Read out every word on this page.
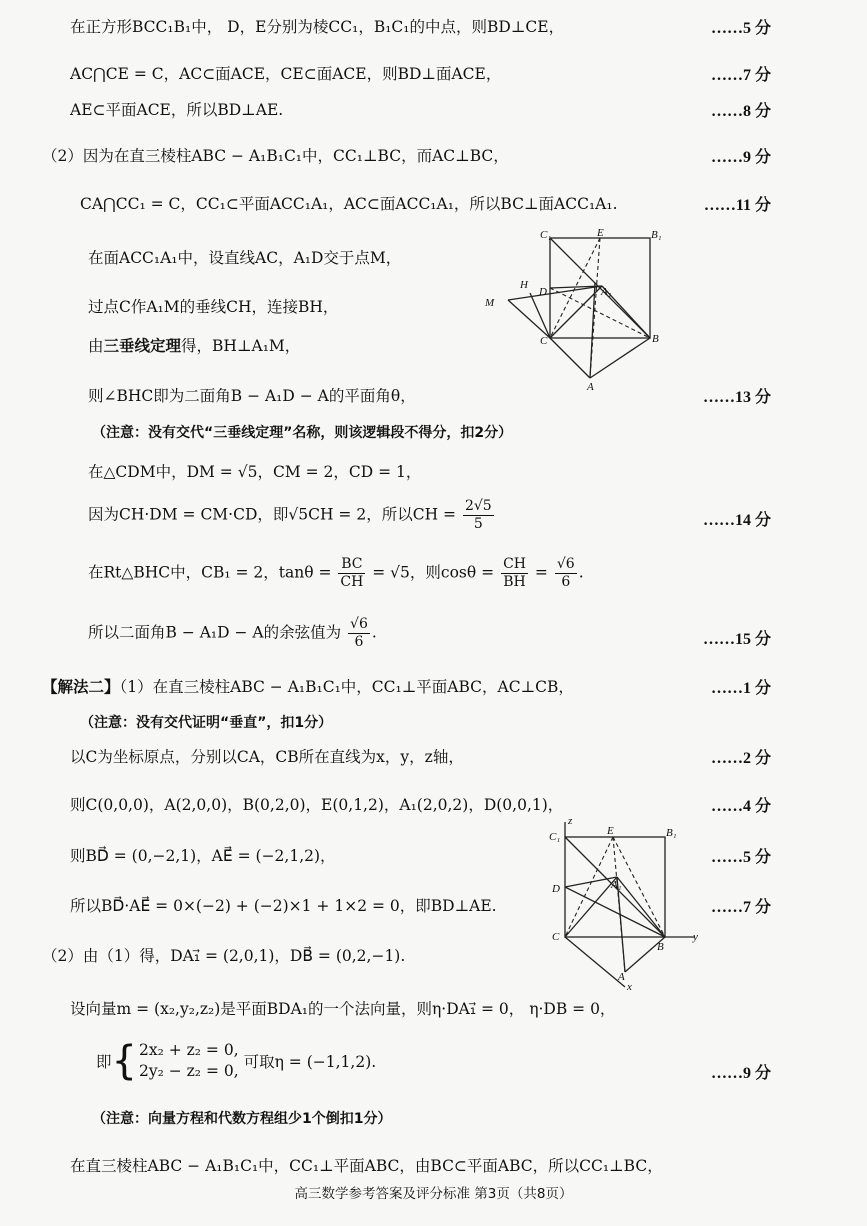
在正方形BCC₁B₁中， D，E分别为棱CC₁，B₁C₁的中点，则BD⊥CE，	……5 分
AC⋂CE = C，AC⊂面ACE，CE⊂面ACE，则BD⊥面ACE，	……7 分
AE⊂平面ACE，所以BD⊥AE.	……8 分
（2）因为在直三棱柱ABC − A₁B₁C₁中，CC₁⊥BC，而AC⊥BC，	……9 分
CA⋂CC₁ = C，CC₁⊂平面ACC₁A₁，AC⊂面ACC₁A₁，所以BC⊥面ACC₁A₁.	……11 分
在面ACC₁A₁中，设直线AC，A₁D交于点M，
过点C作A₁M的垂线CH，连接BH，
由三垂线定理得，BH⊥A₁M，
C₁	E	B₁
A₁
H
D
M
C	B
A
则∠BHC即为二面角B − A₁D − A的平面角θ，	……13 分
（注意：没有交代“三垂线定理”名称，则该逻辑段不得分，扣2分）
在△CDM中，DM = √5，CM = 2，CD = 1，
因为CH·DM = CM·CD，即√5CH = 2，所以CH = $\frac{2√5}{5}$	……14 分
在Rt△BHC中，CB₁ = 2，$\tan\theta = \frac{BC}{CH} = √5$，则$\cos\theta = \frac{CH}{BH} = \frac{√6}{6}$ .
所以二面角B − A₁D − A的余弦值为 $\frac{√6}{6}$ .	……15 分
【解法二】（1）在直三棱柱ABC − A₁B₁C₁中，CC₁⊥平面ABC，AC⊥CB，	……1 分
（注意：没有交代证明“垂直”，扣1分）
以C为坐标原点，分别以CA，CB所在直线为x，y，z轴，	……2 分
则C(0,0,0)，A(2,0,0)，B(0,2,0)，E(0,1,2)，A₁(2,0,2)，D(0,0,1)，	……4 分
则BD⃗ = (0,−2,1)，AE⃗ = (−2,1,2)，	……5 分
所以BD⃗·AE⃗ = 0×(−2) + (−2)×1 + 1×2 = 0，即BD⊥AE.	……7 分
z
C₁	E	B₁
D	A₁
C
B
y
A
x
（2）由（1）得，DA₁⃗ = (2,0,1)，DB⃗ = (0,2,−1).
设向量m = (x₂,y₂,z₂)是平面BDA₁的一个法向量，则η·DA₁⃗ = 0， η·DB = 0，
即{ 2x₂ + z₂ = 0,
2y₂ − z₂ = 0, 可取η = (−1,1,2).
……9 分
（注意：向量方程和代数方程组少1个倒扣1分）
在直三棱柱ABC − A₁B₁C₁中，CC₁⊥平面ABC，由BC⊂平面ABC，所以CC₁⊥BC，
高三数学参考答案及评分标准 第3页（共8页）
